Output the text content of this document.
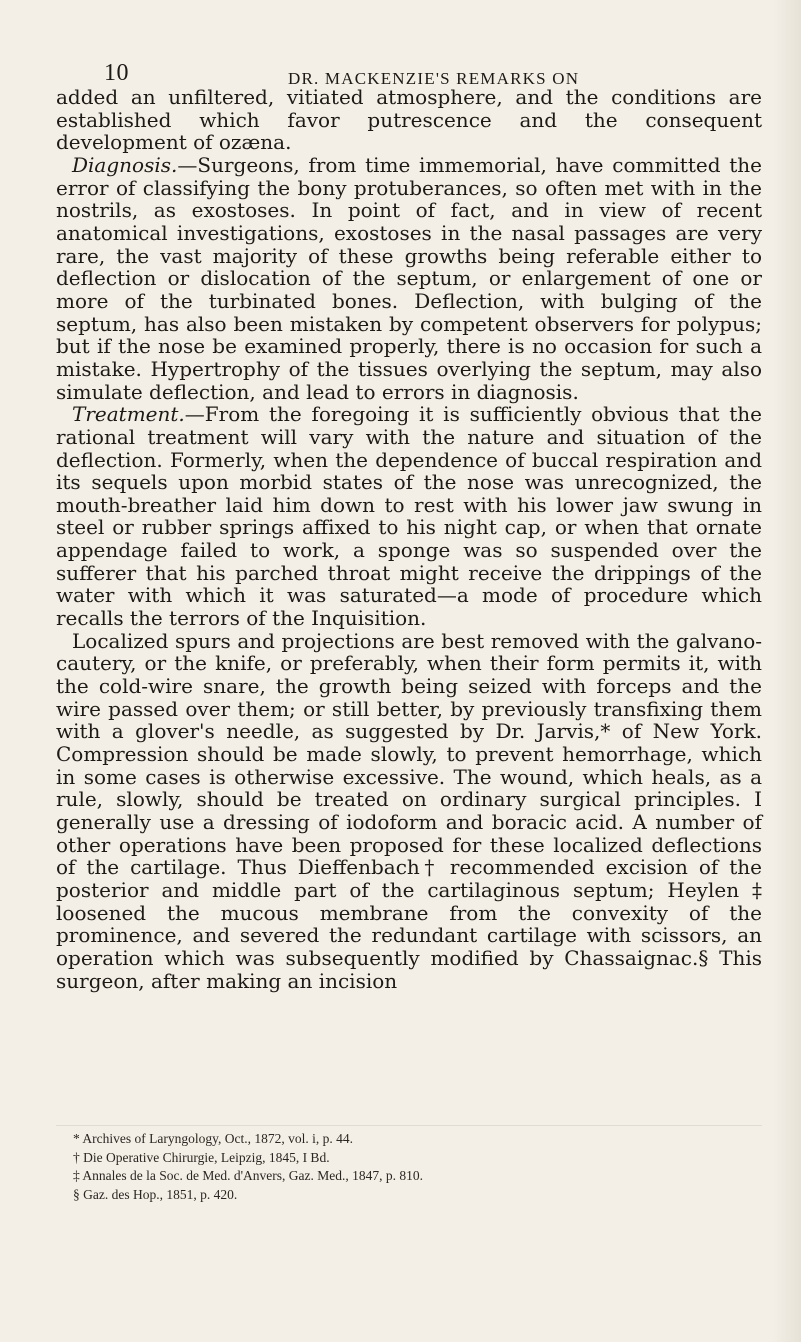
10	DR. MACKENZIE'S REMARKS ON

added an unfiltered, vitiated atmosphere, and the conditions are established which favor putrescence and the consequent development of ozæna.

Diagnosis.—Surgeons, from time immemorial, have committed the error of classifying the bony protuberances, so often met with in the nostrils, as exostoses. In point of fact, and in view of recent anatomical investigations, exostoses in the nasal passages are very rare, the vast majority of these growths being referable either to deflection or dislocation of the septum, or enlargement of one or more of the turbinated bones. Deflection, with bulging of the septum, has also been mistaken by competent observers for polypus; but if the nose be examined properly, there is no occasion for such a mistake. Hypertrophy of the tissues overlying the septum, may also simulate deflection, and lead to errors in diagnosis.

Treatment.—From the foregoing it is sufficiently obvious that the rational treatment will vary with the nature and situation of the deflection. Formerly, when the dependence of buccal respiration and its sequels upon morbid states of the nose was unrecognized, the mouth-breather laid him down to rest with his lower jaw swung in steel or rubber springs affixed to his night cap, or when that ornate appendage failed to work, a sponge was so suspended over the sufferer that his parched throat might receive the drippings of the water with which it was saturated—a mode of procedure which recalls the terrors of the Inquisition.

Localized spurs and projections are best removed with the galvano-cautery, or the knife, or preferably, when their form permits it, with the cold-wire snare, the growth being seized with forceps and the wire passed over them; or still better, by previously transfixing them with a glover's needle, as suggested by Dr. Jarvis,* of New York. Compression should be made slowly, to prevent hemorrhage, which in some cases is otherwise excessive. The wound, which heals, as a rule, slowly, should be treated on ordinary surgical principles. I generally use a dressing of iodoform and boracic acid. A number of other operations have been proposed for these localized deflections of the cartilage. Thus Dieffenbach† recommended excision of the posterior and middle part of the cartilaginous septum; Heylen ‡ loosened the mucous membrane from the convexity of the prominence, and severed the redundant cartilage with scissors, an operation which was subsequently modified by Chassaignac.§ This surgeon, after making an incision

* Archives of Laryngology, Oct., 1872, vol. i, p. 44.

† Die Operative Chirurgie, Leipzig, 1845, I Bd.

‡ Annales de la Soc. de Med. d'Anvers, Gaz. Med., 1847, p. 810.

§ Gaz. des Hop., 1851, p. 420.
